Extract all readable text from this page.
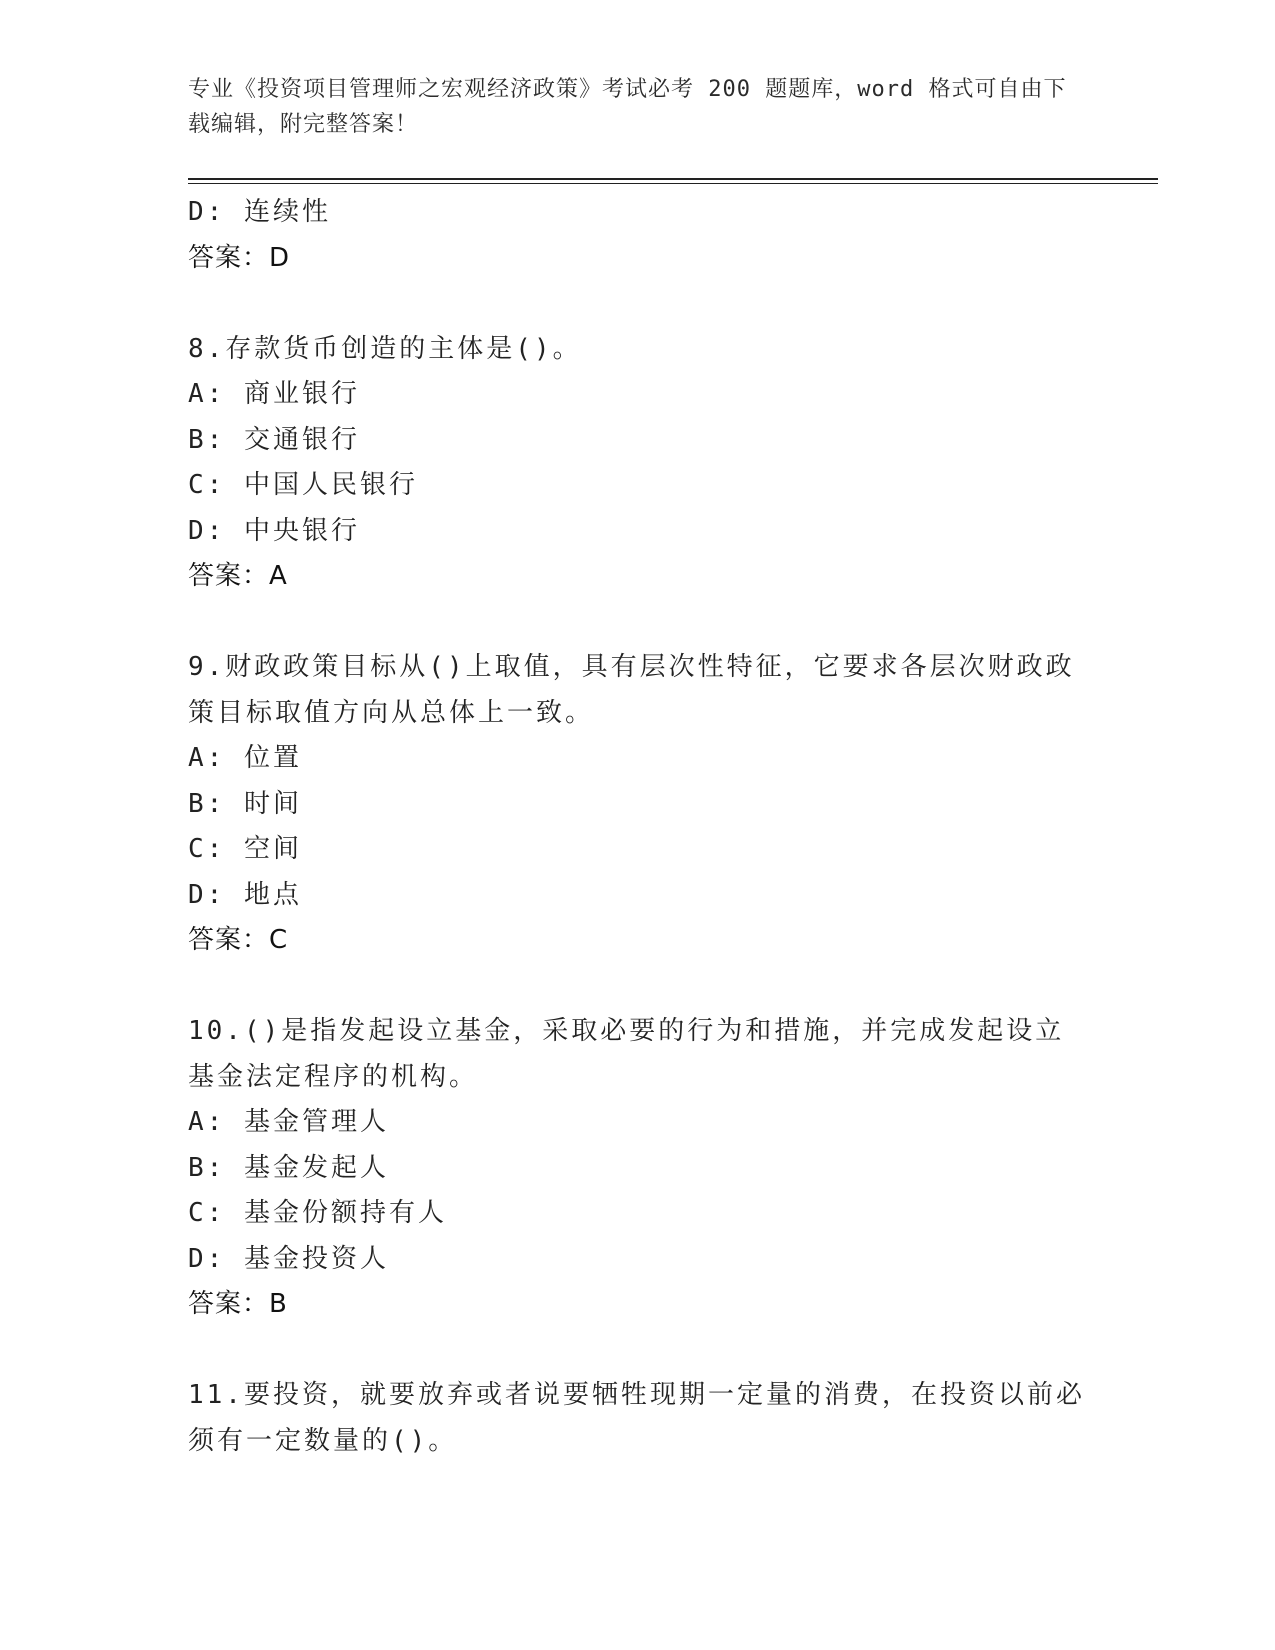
专业《投资项目管理师之宏观经济政策》考试必考 200 题题库，word 格式可自由下载编辑，附完整答案！
D: 连续性
答案：D
8.存款货币创造的主体是()。
A: 商业银行
B: 交通银行
C: 中国人民银行
D: 中央银行
答案：A
9.财政政策目标从()上取值，具有层次性特征，它要求各层次财政政策目标取值方向从总体上一致。
A: 位置
B: 时间
C: 空间
D: 地点
答案：C
10.()是指发起设立基金，采取必要的行为和措施，并完成发起设立基金法定程序的机构。
A: 基金管理人
B: 基金发起人
C: 基金份额持有人
D: 基金投资人
答案：B
11.要投资，就要放弃或者说要牺牲现期一定量的消费，在投资以前必须有一定数量的()。
